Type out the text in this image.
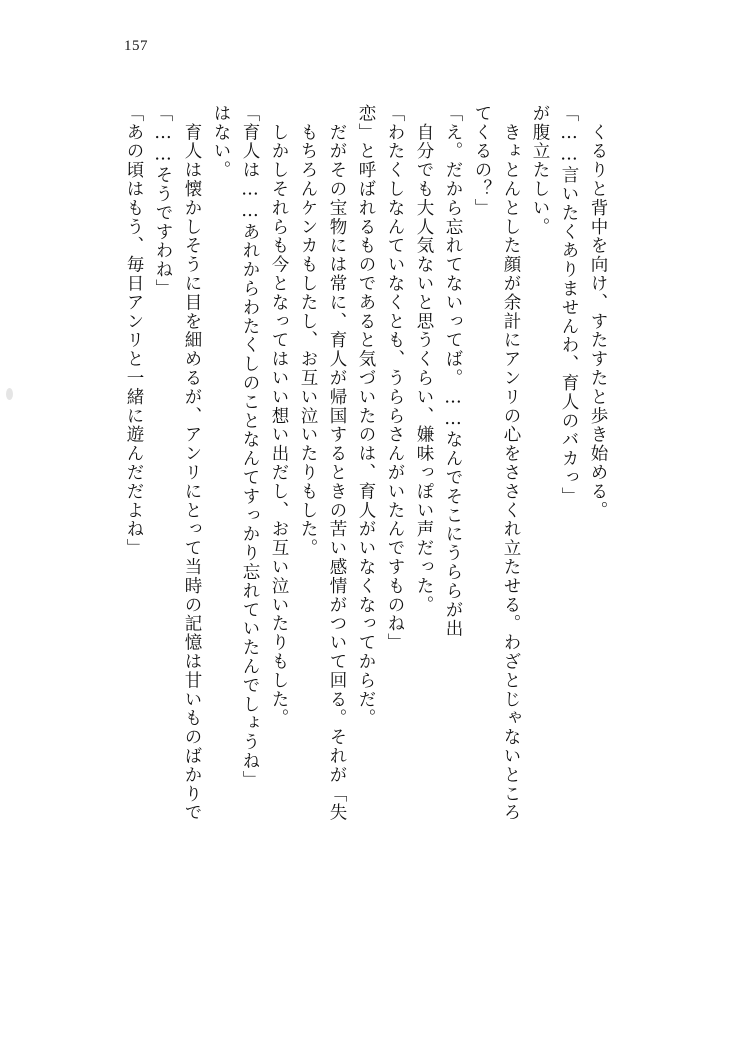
157
「あの頃はもう、毎日アンリと一緒に遊んだだよね」 「……そうですわね」 　育人は懐かしそうに目を細めるが、アンリにとって当時の記憶は甘いものばかりで はない。 「育人は……あれからわたくしのことなんてすっかり忘れていたんでしょうね」 　しかしそれらも今となってはいい想い出だし、お互い泣いたりもした。 　もちろんケンカもしたし、お互い泣いたりもした。 　だがその宝物には常に、育人が帰国するときの苦い感情がついて回る。それが「失 恋」と呼ばれるものであると気づいたのは、育人がいなくなってからだ。 「わたくしなんていなくとも、うららさんがいたんですものね」 　自分でも大人気ないと思うくらい、嫌味っぽい声だった。 「え。だから忘れてないってば。……なんでそこにうららが出 てくるの？」 　きょとんとした顔が余計にアンリの心をささくれ立たせる。わざとじゃないところ が腹立たしい。 「……言いたくありませんわ、育人のバカっ」 　くるりと背中を向け、すたすたと歩き始める。
